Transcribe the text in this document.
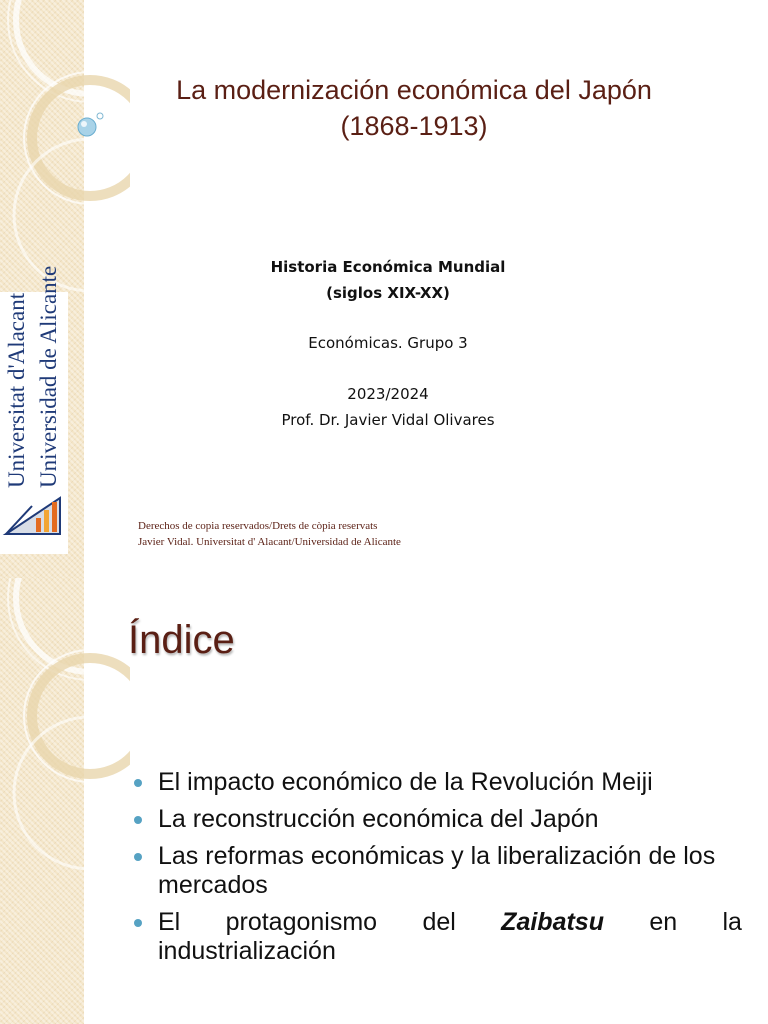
La modernización económica del Japón
(1868-1913)
Historia Económica Mundial
(siglos XIX-XX)
Económicas. Grupo 3
2023/2024
Prof. Dr. Javier Vidal Olivares
Universitat d'Alacant Universidad de Alicante
Derechos de copia reservados/Drets de còpia reservats
Javier Vidal. Universitat d' Alacant/Universidad de Alicante
Índice
El impacto económico de la Revolución Meiji
La reconstrucción económica del Japón
Las reformas económicas y la liberalización de los mercados
El protagonismo del Zaibatsu en la
industrialización
